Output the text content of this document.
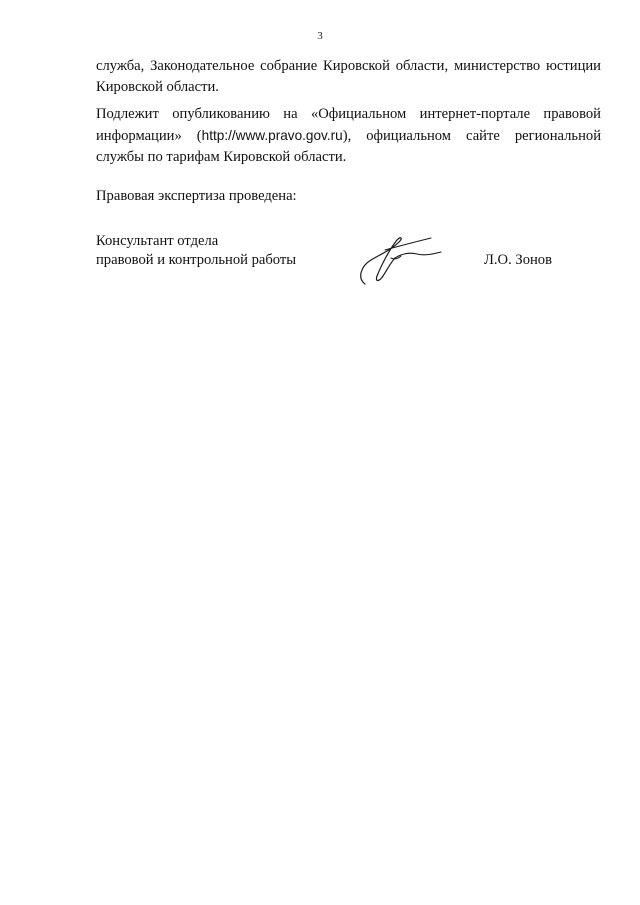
3
служба, Законодательное собрание Кировской области, министерство юстиции Кировской области.
Подлежит опубликованию на «Официальном интернет-портале правовой информации» (http://www.pravo.gov.ru), официальном сайте региональной службы по тарифам Кировской области.
Правовая экспертиза проведена:
Консультант отдела
правовой и контрольной работы	Л.О. Зонов
